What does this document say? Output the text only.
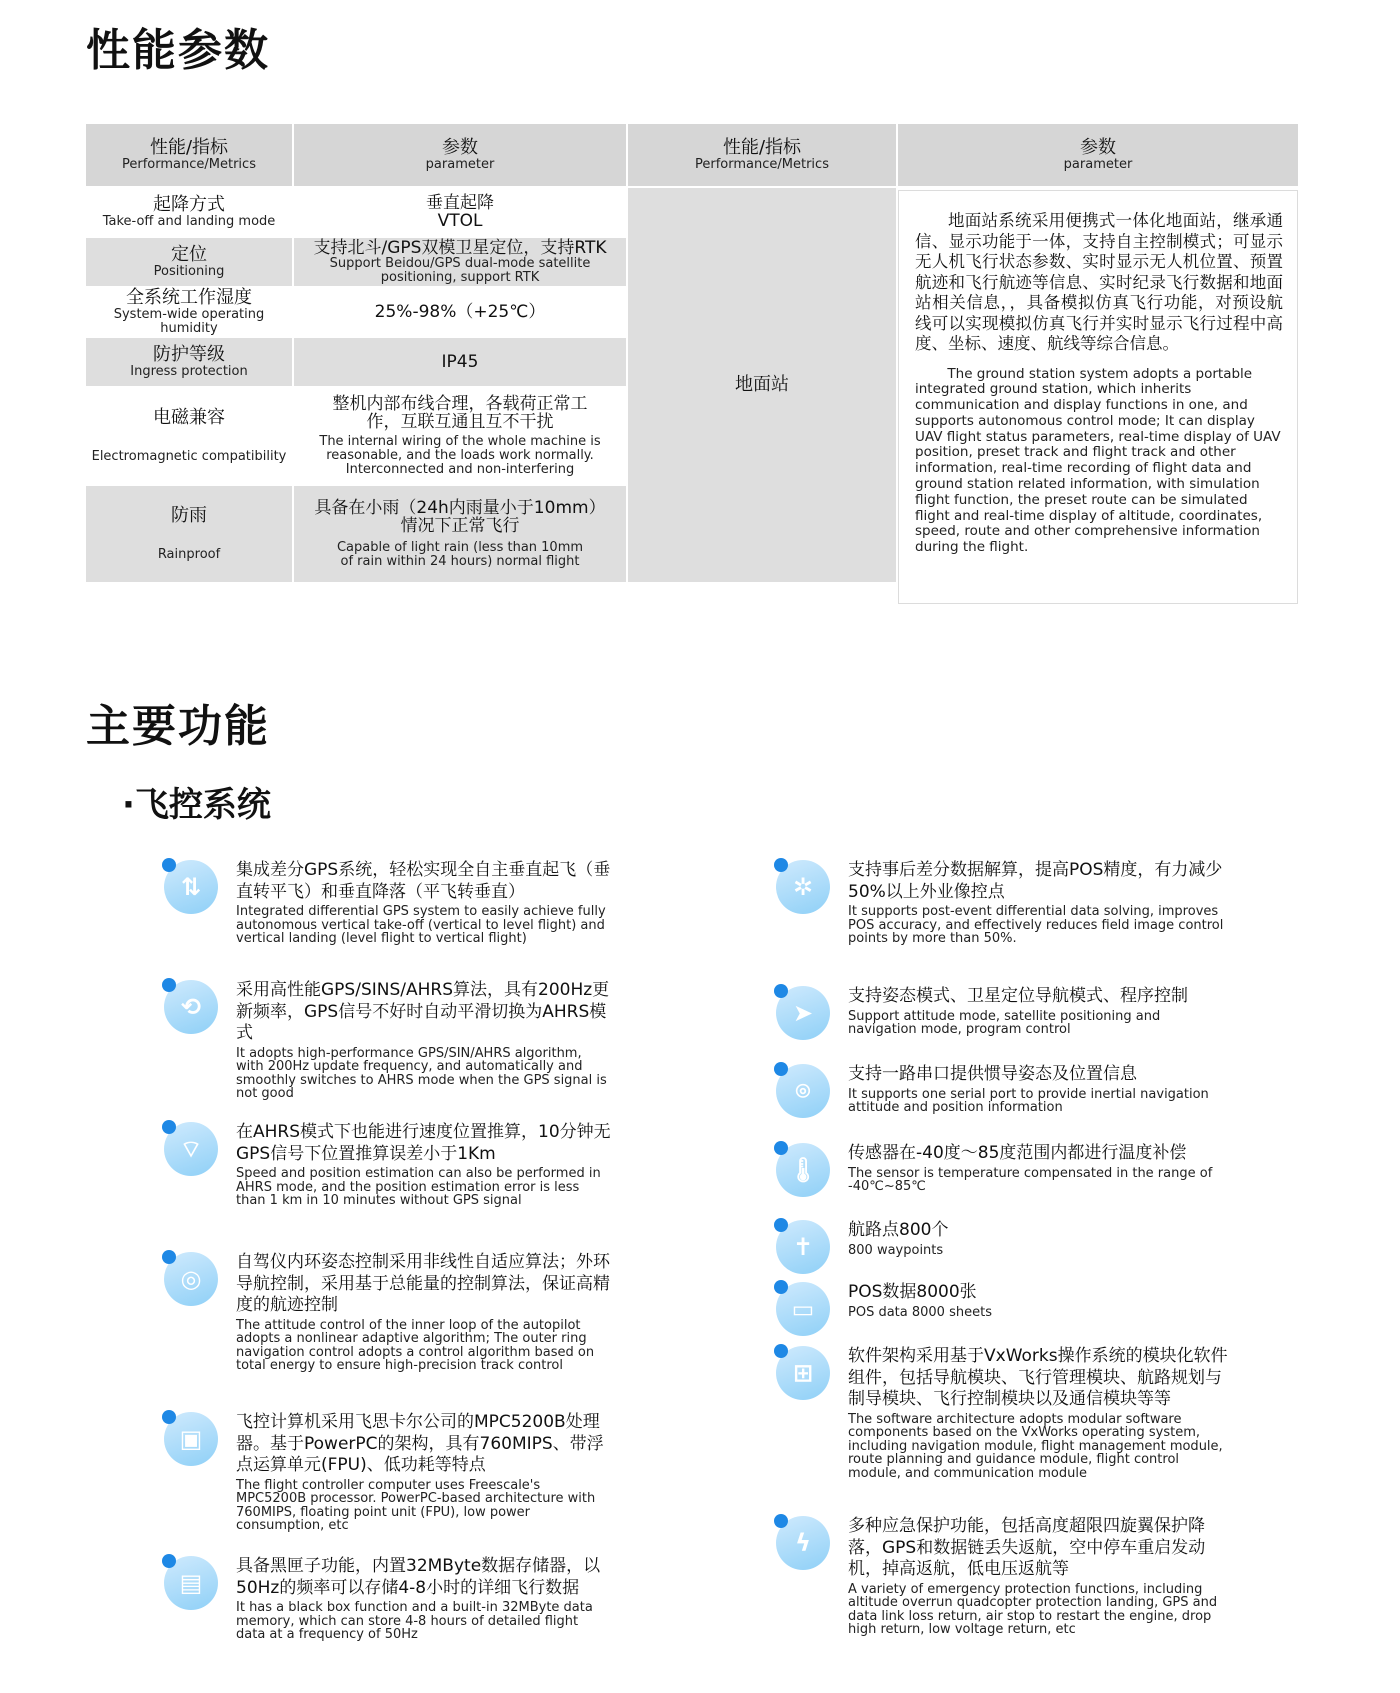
性能参数
性能/指标
Performance/Metrics
参数
parameter
性能/指标
Performance/Metrics
参数
parameter
起降方式
Take-off and landing mode
垂直起降
VTOL
定位
Positioning
支持北斗/GPS双模卫星定位，支持RTK
Support Beidou/GPS dual-mode satellite positioning, support RTK
全系统工作湿度
System-wide operating humidity
25%-98%（+25℃）
防护等级
Ingress protection	IP45
电磁兼容
Electromagnetic compatibility
整机内部布线合理，各载荷正常工作，互联互通且互不干扰
The internal wiring of the whole machine is reasonable, and the loads work normally. Interconnected and non-interfering
防雨
Rainproof
具备在小雨（24h内雨量小于10mm）情况下正常飞行
Capable of light rain (less than 10mm of rain within 24 hours) normal flight
地面站
地面站系统采用便携式一体化地面站，继承通信、显示功能于一体，支持自主控制模式；可显示无人机飞行状态参数、实时显示无人机位置、预置航迹和飞行航迹等信息、实时纪录飞行数据和地面站相关信息，，具备模拟仿真飞行功能，对预设航线可以实现模拟仿真飞行并实时显示飞行过程中高度、坐标、速度、航线等综合信息。
The ground station system adopts a portable integrated ground station, which inherits communication and display functions in one, and supports autonomous control mode; It can display UAV flight status parameters, real-time display of UAV position, preset track and flight track and other information, real-time recording of flight data and ground station related information, with simulation flight function, the preset route can be simulated flight and real-time display of altitude, coordinates, speed, route and other comprehensive information during the flight.
主要功能
·飞控系统
⇅
集成差分GPS系统，轻松实现全自主垂直起飞（垂直转平飞）和垂直降落（平飞转垂直）
Integrated differential GPS system to easily achieve fully autonomous vertical take-off (vertical to level flight) and vertical landing (level flight to vertical flight)
⟲
采用高性能GPS/SINS/AHRS算法，具有200Hz更新频率，GPS信号不好时自动平滑切换为AHRS模式
It adopts high-performance GPS/SIN/AHRS algorithm, with 200Hz update frequency, and automatically and smoothly switches to AHRS mode when the GPS signal is not good
⌔
在AHRS模式下也能进行速度位置推算，10分钟无GPS信号下位置推算误差小于1Km
Speed and position estimation can also be performed in AHRS mode, and the position estimation error is less than 1 km in 10 minutes without GPS signal
◎
自驾仪内环姿态控制采用非线性自适应算法；外环导航控制，采用基于总能量的控制算法，保证高精度的航迹控制
The attitude control of the inner loop of the autopilot adopts a nonlinear adaptive algorithm; The outer ring navigation control adopts a control algorithm based on total energy to ensure high-precision track control
▣
飞控计算机采用飞思卡尔公司的MPC5200B处理器。基于PowerPC的架构，具有760MIPS、带浮点运算单元(FPU)、低功耗等特点
The flight controller computer uses Freescale's MPC5200B processor. PowerPC-based architecture with 760MIPS, floating point unit (FPU), low power consumption, etc
▤
具备黑匣子功能，内置32MByte数据存储器，以50Hz的频率可以存储4-8小时的详细飞行数据
It has a black box function and a built-in 32MByte data memory, which can store 4-8 hours of detailed flight data at a frequency of 50Hz
✲
支持事后差分数据解算，提高POS精度，有力减少50%以上外业像控点
It supports post-event differential data solving, improves POS accuracy, and effectively reduces field image control points by more than 50%.
➤
支持姿态模式、卫星定位导航模式、程序控制
Support attitude mode, satellite positioning and navigation mode, program control
⌾
支持一路串口提供惯导姿态及位置信息
It supports one serial port to provide inertial navigation attitude and position information
🌡︎
传感器在-40度～85度范围内都进行温度补偿
The sensor is temperature compensated in the range of -40℃~85℃
✝
航路点800个
800 waypoints
▭
POS数据8000张
POS data 8000 sheets
⊞
软件架构采用基于VxWorks操作系统的模块化软件组件，包括导航模块、飞行管理模块、航路规划与制导模块、飞行控制模块以及通信模块等等
The software architecture adopts modular software components based on the VxWorks operating system, including navigation module, flight management module, route planning and guidance module, flight control module, and communication module
ϟ
多种应急保护功能，包括高度超限四旋翼保护降落，GPS和数据链丢失返航，空中停车重启发动机，掉高返航，低电压返航等
A variety of emergency protection functions, including altitude overrun quadcopter protection landing, GPS and data link loss return, air stop to restart the engine, drop high return, low voltage return, etc
